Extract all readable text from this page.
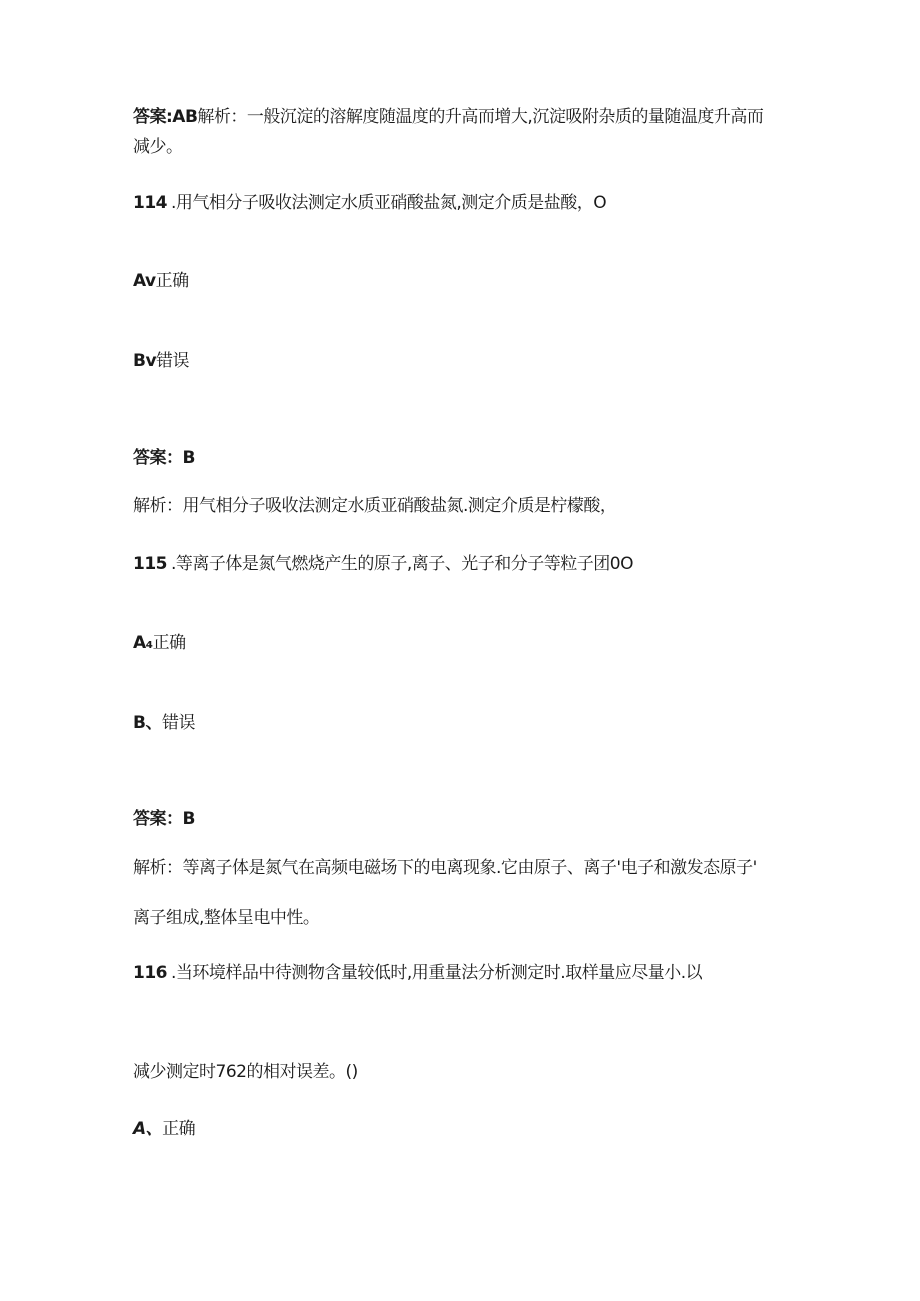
答案:AB解析：一般沉淀的溶解度随温度的升高而增大,沉淀吸附杂质的量随温度升高而
减少。
114 .用气相分子吸收法测定水质亚硝酸盐氮,测定介质是盐酸，O
Av正确
Bv错误
答案：B
解析：用气相分子吸收法测定水质亚硝酸盐氮.测定介质是柠檬酸，
115 .等离子体是氮气燃烧产生的原子,离子、光子和分子等粒子团0O
A₄正确
B、错误
答案：B
解析：等离子体是氮气在高频电磁场下的电离现象.它由原子、离子'电子和激发态原子'
离子组成,整体呈电中性。
116 .当环境样品中待测物含量较低时,用重量法分析测定时.取样量应尽量小.以
减少测定时762的相对误差。()
A、正确
